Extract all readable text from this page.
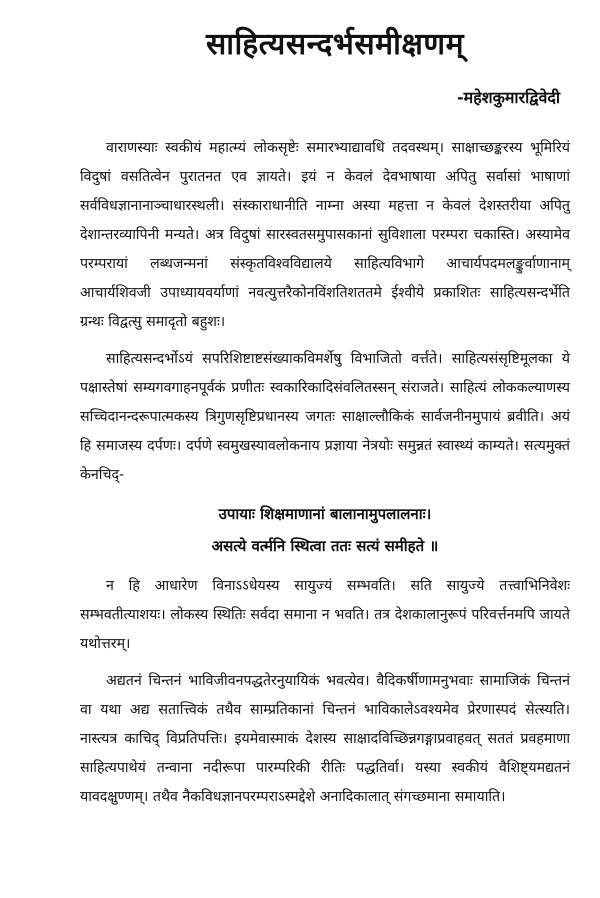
साहित्यसन्दर्भसमीक्षणम्
-महेशकुमारद्विवेदी

वाराणस्याः स्वकीयं महात्म्यं लोकसृष्टेः समारभ्याद्यावधि तदवस्थम्। साक्षाच्छङ्करस्य भूमिरियं विदुषां वसतित्वेन पुरातनत एव ज्ञायते। इयं न केवलं देवभाषाया अपितु सर्वासां भाषाणां सर्वविधज्ञानानाञ्चाधारस्थली। संस्काराधानीति नाम्ना अस्या महत्ता न केवलं देशस्तरीया अपितु देशान्तरव्यापिनी मन्यते। अत्र विदुषां सारस्वतसमुपासकानां सुविशाला परम्परा चकास्ति। अस्यामेव परम्परायां लब्धजन्मनां संस्कृतविश्वविद्यालये साहित्यविभागे आचार्यपदमलङ्कुर्वाणानाम् आचार्यशिवजी उपाध्यायवर्याणां नवत्युत्तरैकोनविंशतिशततमे ईश्वीये प्रकाशितः साहित्यसन्दर्भेति ग्रन्थः विद्वत्सु समादृतो बहुशः।

साहित्यसन्दर्भोऽयं सपरिशिष्टाष्टसंख्याकविमर्शेषु विभाजितो वर्त्तते। साहित्यसंसृष्टिमूलका ये पक्षास्तेषां सम्यगवगाहनपूर्वकं प्रणीतः स्वकारिकादिसंवलितस्सन् संराजते। साहित्यं लोककल्याणस्य सच्चिदानन्दरूपात्मकस्य त्रिगुणसृष्टिप्रधानस्य जगतः साक्षाल्लौकिकं सार्वजनीनमुपायं ब्रवीति। अयं हि समाजस्य दर्पणः। दर्पणे स्वमुखस्यावलोकनाय प्रज्ञाया नेत्रयोः समुन्नतं स्वास्थ्यं काम्यते। सत्यमुक्तं केनचिद्-

उपायाः शिक्षमाणानां बालानामुपलालनाः।

असत्ये वर्त्मनि स्थित्वा ततः सत्यं समीहते ॥

न हि आधारेण विनाऽऽधेयस्य सायुज्यं सम्भवति। सति सायुज्ये तत्त्वाभिनिवेशः सम्भवतीत्याशयः। लोकस्य स्थितिः सर्वदा समाना न भवति। तत्र देशकालानुरूपं परिवर्त्तनमपि जायते यथोत्तरम्।

अद्यतनं चिन्तनं भाविजीवनपद्धतेरनुयायिकं भवत्येव। वैदिकर्षीणामनुभवाः सामाजिकं चिन्तनं वा यथा अद्य सतात्त्विकं तथैव साम्प्रतिकानां चिन्तनं भाविकालेऽवश्यमेव प्रेरणास्पदं सेत्स्यति। नास्त्यत्र काचिद् विप्रतिपत्तिः। इयमेवास्माकं देशस्य साक्षादविच्छिन्नगङ्गाप्रवाहवत् सततं प्रवहमाणा साहित्यपाथेयं तन्वाना नदीरूपा पारम्परिकी रीतिः पद्धतिर्वा। यस्या स्वकीयं वैशिष्ट्यमद्यतनं यावदक्षुण्णम्। तथैव नैकविधज्ञानपरम्पराऽस्मद्देशे अनादिकालात् संगच्छमाना समायाति।
